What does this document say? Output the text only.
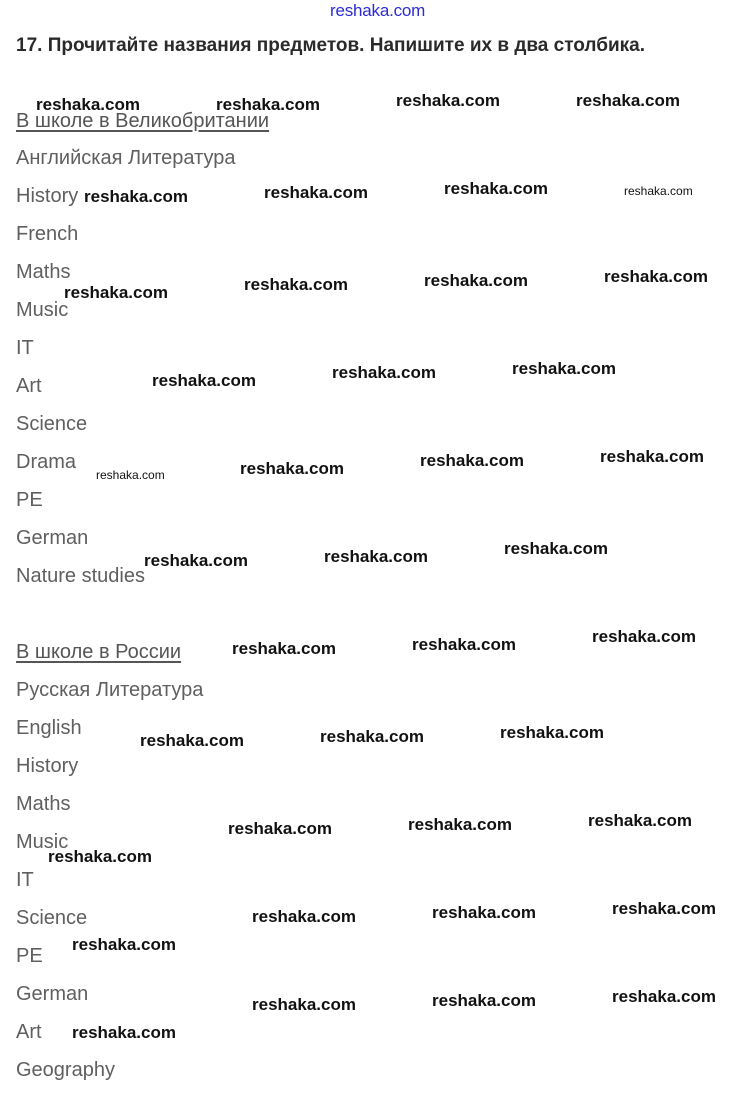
reshaka.com
17. Прочитайте названия предметов. Напишите их в два столбика.
В школе в Великобритании
Английская Литература
History
French
Maths
Music
IT
Art
Science
Drama
PE
German
Nature studies
В школе в России
Русская Литература
English
History
Maths
Music
IT
Science
PE
German
Art
Geography
reshaka.com	reshaka.com	reshaka.com	reshaka.com
reshaka.com	reshaka.com	reshaka.com	reshaka.com
reshaka.com	reshaka.com	reshaka.com	reshaka.com
reshaka.com	reshaka.com	reshaka.com
reshaka.com	reshaka.com	reshaka.com	reshaka.com
reshaka.com	reshaka.com	reshaka.com
reshaka.com	reshaka.com	reshaka.com
reshaka.com	reshaka.com	reshaka.com
reshaka.com	reshaka.com	reshaka.com
reshaka.com
reshaka.com	reshaka.com	reshaka.com
reshaka.com
reshaka.com	reshaka.com	reshaka.com
reshaka.com
